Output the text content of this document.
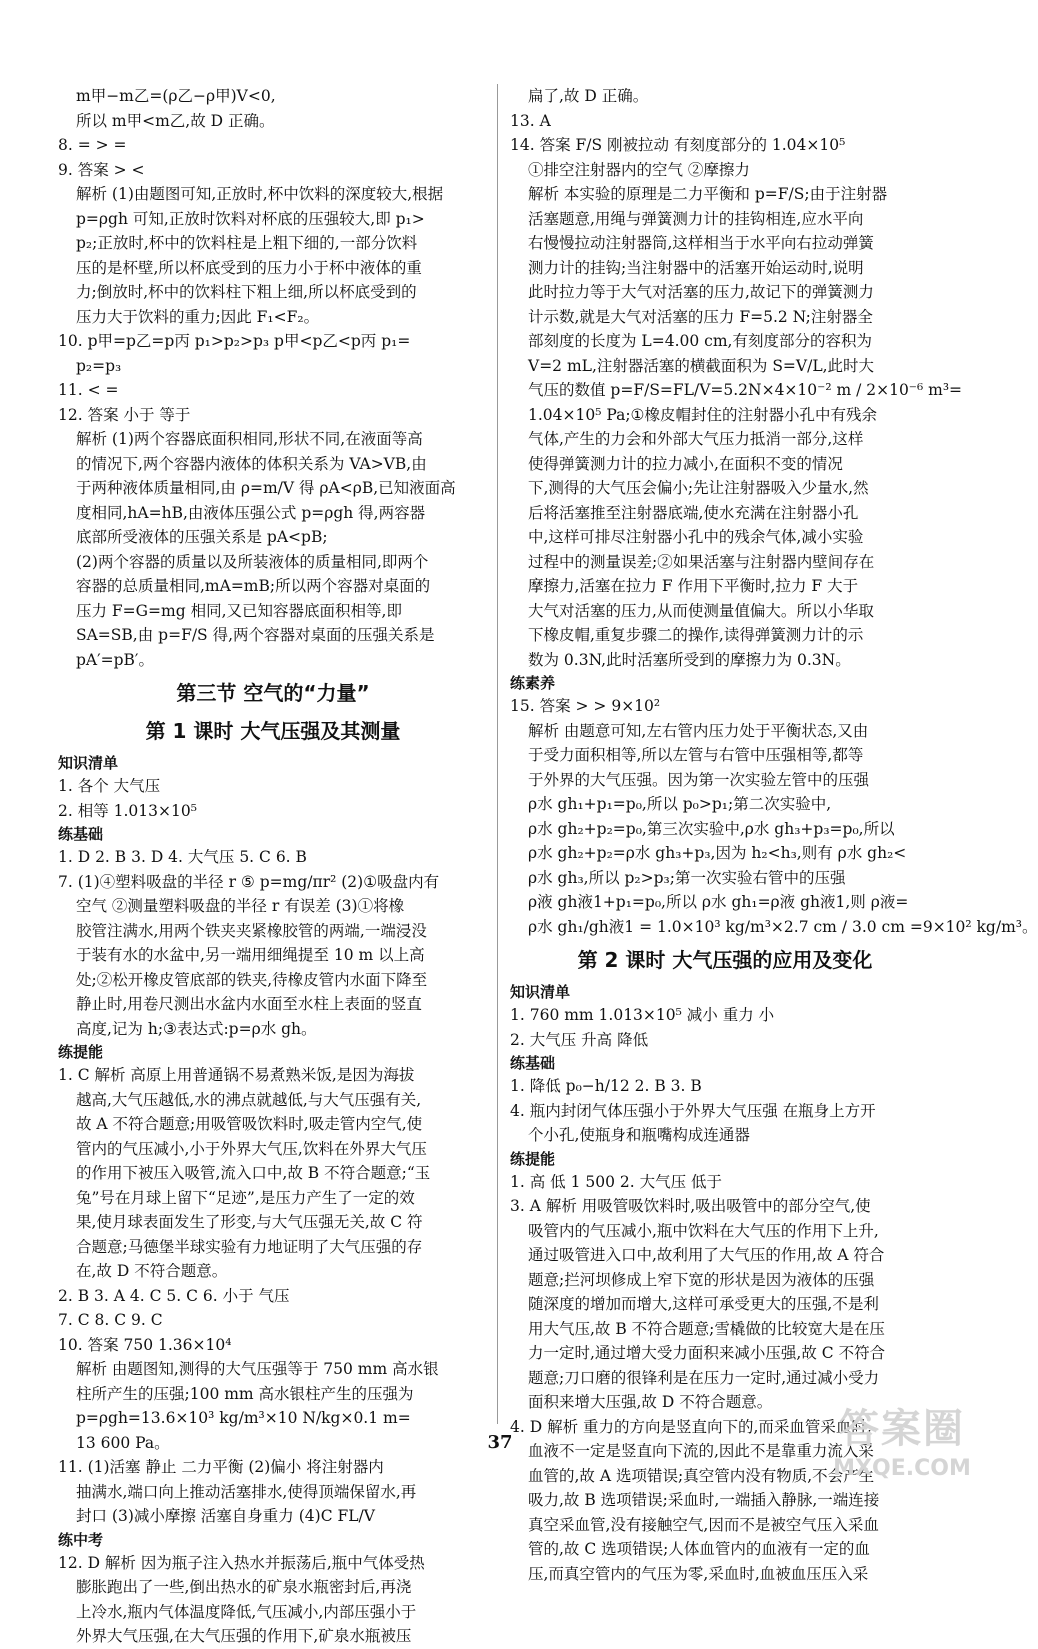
m甲−m乙=(ρ乙−ρ甲)V<0,
所以 m甲<m乙,故 D 正确。
8. = > =
9. 答案 > <
解析 (1)由题图可知,正放时,杯中饮料的深度较大,根据
p=ρgh 可知,正放时饮料对杯底的压强较大,即 p₁>
p₂;正放时,杯中的饮料柱是上粗下细的,一部分饮料
压的是杯壁,所以杯底受到的压力小于杯中液体的重
力;倒放时,杯中的饮料柱下粗上细,所以杯底受到的
压力大于饮料的重力;因此 F₁<F₂。
10. p甲=p乙=p丙 p₁>p₂>p₃ p甲<p乙<p丙 p₁=
p₂=p₃
11. < =
12. 答案 小于 等于
解析 (1)两个容器底面积相同,形状不同,在液面等高
的情况下,两个容器内液体的体积关系为 VA>VB,由
于两种液体质量相同,由 ρ=m/V 得 ρA<ρB,已知液面高
度相同,hA=hB,由液体压强公式 p=ρgh 得,两容器
底部所受液体的压强关系是 pA<pB;
(2)两个容器的质量以及所装液体的质量相同,即两个
容器的总质量相同,mA=mB;所以两个容器对桌面的
压力 F=G=mg 相同,又已知容器底面积相等,即
SA=SB,由 p=F/S 得,两个容器对桌面的压强关系是
pA′=pB′。
第三节 空气的“力量”
第 1 课时 大气压强及其测量
知识清单
1. 各个 大气压
2. 相等 1.013×10⁵
练基础
1. D 2. B 3. D 4. 大气压 5. C 6. B
7. (1)④塑料吸盘的半径 r ⑤ p=mg/πr² (2)①吸盘内有
空气 ②测量塑料吸盘的半径 r 有误差 (3)①将橡
胶管注满水,用两个铁夹夹紧橡胶管的两端,一端浸没
于装有水的水盆中,另一端用细绳提至 10 m 以上高
处;②松开橡皮管底部的铁夹,待橡皮管内水面下降至
静止时,用卷尺测出水盆内水面至水柱上表面的竖直
高度,记为 h;③表达式:p=ρ水 gh。
练提能
1. C 解析 高原上用普通锅不易煮熟米饭,是因为海拔
越高,大气压越低,水的沸点就越低,与大气压强有关,
故 A 不符合题意;用吸管吸饮料时,吸走管内空气,使
管内的气压减小,小于外界大气压,饮料在外界大气压
的作用下被压入吸管,流入口中,故 B 不符合题意;“玉
兔”号在月球上留下“足迹”,是压力产生了一定的效
果,使月球表面发生了形变,与大气压强无关,故 C 符
合题意;马德堡半球实验有力地证明了大气压强的存
在,故 D 不符合题意。
2. B 3. A 4. C 5. C 6. 小于 气压
7. C 8. C 9. C
10. 答案 750 1.36×10⁴
解析 由题图知,测得的大气压强等于 750 mm 高水银
柱所产生的压强;100 mm 高水银柱产生的压强为
p=ρgh=13.6×10³ kg/m³×10 N/kg×0.1 m=
13 600 Pa。
11. (1)活塞 静止 二力平衡 (2)偏小 将注射器内
抽满水,端口向上推动活塞排水,使得顶端保留水,再
封口 (3)减小摩擦 活塞自身重力 (4)C FL/V
练中考
12. D 解析 因为瓶子注入热水并振荡后,瓶中气体受热
膨胀跑出了一些,倒出热水的矿泉水瓶密封后,再浇
上冷水,瓶内气体温度降低,气压减小,内部压强小于
外界大气压强,在大气压强的作用下,矿泉水瓶被压
扁了,故 D 正确。
13. A
14. 答案 F/S 刚被拉动 有刻度部分的 1.04×10⁵
①排空注射器内的空气 ②摩擦力
解析 本实验的原理是二力平衡和 p=F/S;由于注射器
活塞题意,用绳与弹簧测力计的挂钩相连,应水平向
右慢慢拉动注射器筒,这样相当于水平向右拉动弹簧
测力计的挂钩;当注射器中的活塞开始运动时,说明
此时拉力等于大气对活塞的压力,故记下的弹簧测力
计示数,就是大气对活塞的压力 F=5.2 N;注射器全
部刻度的长度为 L=4.00 cm,有刻度部分的容积为
V=2 mL,注射器活塞的横截面积为 S=V/L,此时大
气压的数值 p=F/S=FL/V=5.2N×4×10⁻² m / 2×10⁻⁶ m³=
1.04×10⁵ Pa;①橡皮帽封住的注射器小孔中有残余
气体,产生的力会和外部大气压力抵消一部分,这样
使得弹簧测力计的拉力减小,在面积不变的情况
下,测得的大气压会偏小;先让注射器吸入少量水,然
后将活塞推至注射器底端,使水充满在注射器小孔
中,这样可排尽注射器小孔中的残余气体,减小实验
过程中的测量误差;②如果活塞与注射器内壁间存在
摩擦力,活塞在拉力 F 作用下平衡时,拉力 F 大于
大气对活塞的压力,从而使测量值偏大。所以小华取
下橡皮帽,重复步骤二的操作,读得弹簧测力计的示
数为 0.3N,此时活塞所受到的摩擦力为 0.3N。
练素养
15. 答案 > > 9×10²
解析 由题意可知,左右管内压力处于平衡状态,又由
于受力面积相等,所以左管与右管中压强相等,都等
于外界的大气压强。因为第一次实验左管中的压强
ρ水 gh₁+p₁=p₀,所以 p₀>p₁;第二次实验中,
ρ水 gh₂+p₂=p₀,第三次实验中,ρ水 gh₃+p₃=p₀,所以
ρ水 gh₂+p₂=ρ水 gh₃+p₃,因为 h₂<h₃,则有 ρ水 gh₂<
ρ水 gh₃,所以 p₂>p₃;第一次实验右管中的压强
ρ液 gh液1+p₁=p₀,所以 ρ水 gh₁=ρ液 gh液1,则 ρ液=
ρ水 gh₁/gh液1 = 1.0×10³ kg/m³×2.7 cm / 3.0 cm =9×10² kg/m³。
第 2 课时 大气压强的应用及变化
知识清单
1. 760 mm 1.013×10⁵ 减小 重力 小
2. 大气压 升高 降低
练基础
1. 降低 p₀−h/12 2. B 3. B
4. 瓶内封闭气体压强小于外界大气压强 在瓶身上方开
个小孔,使瓶身和瓶嘴构成连通器
练提能
1. 高 低 1 500 2. 大气压 低于
3. A 解析 用吸管吸饮料时,吸出吸管中的部分空气,使
吸管内的气压减小,瓶中饮料在大气压的作用下上升,
通过吸管进入口中,故利用了大气压的作用,故 A 符合
题意;拦河坝修成上窄下宽的形状是因为液体的压强
随深度的增加而增大,这样可承受更大的压强,不是利
用大气压,故 B 不符合题意;雪橇做的比较宽大是在压
力一定时,通过增大受力面积来减小压强,故 C 不符合
题意;刀口磨的很锋利是在压力一定时,通过减小受力
面积来增大压强,故 D 不符合题意。
4. D 解析 重力的方向是竖直向下的,而采血管采血时,
血液不一定是竖直向下流的,因此不是靠重力流入采
血管的,故 A 选项错误;真空管内没有物质,不会产生
吸力,故 B 选项错误;采血时,一端插入静脉,一端连接
真空采血管,没有接触空气,因而不是被空气压入采血
管的,故 C 选项错误;人体血管内的血液有一定的血
压,而真空管内的气压为零,采血时,血被血压压入采
37	答案圈
MXQE.COM
